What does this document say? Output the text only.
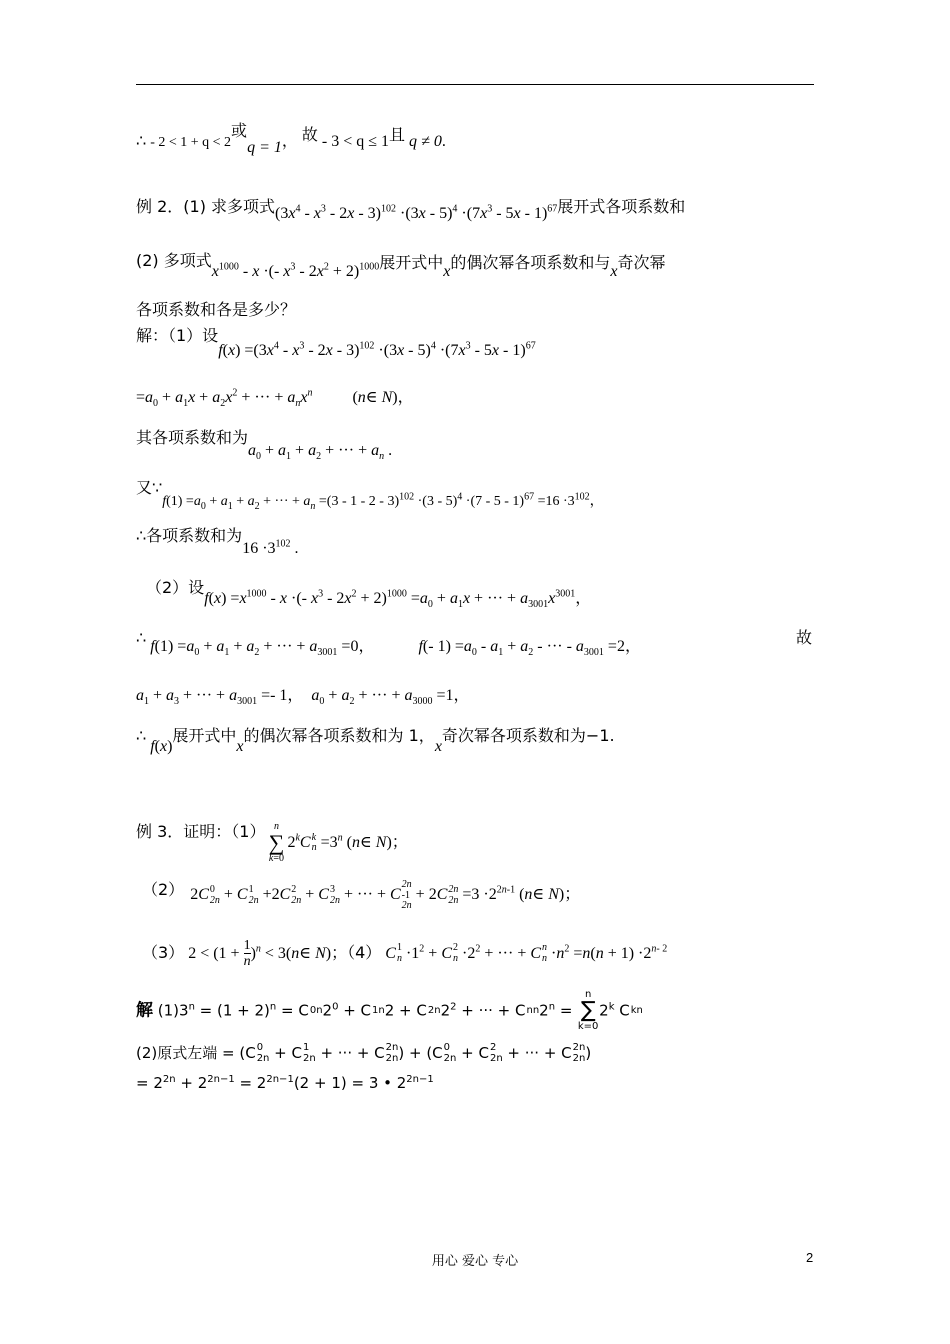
∴ - 2 < 1 + q < 2或q = 1， 故 - 3 < q ≤ 1且 q ≠ 0.
例 2．(1) 求多项式$(3x^4 - x^3 - 2x - 3)^{102} \cdot(3x - 5)^4 \cdot(7x^3 - 5x - 1)^{67}$展开式各项系数和
(2) 多项式$x^{1000}$ - x ·(- $x^3 - 2x^2 + 2)^{1000}$展开式中x的偶次幂各项系数和与x奇次幂
各项系数和各是多少？
解：（1）设$f(x) =(3x^4 - x^3 - 2x - 3)^{102} \cdot(3x - 5)^4 \cdot(7x^3 - 5x - 1)^{67}$
$=a_0 + a_1x + a_2x^2$ + ··· + $a_nx^n$          (n∈ N)，
其各项系数和为$a_0 + a_1 + a_2$ + ··· + $a_n$ .
又∵f(1) $=a_0 + a_1 + a_2$ + ··· + $a_n =(3 - 1 - 2 - 3)^{102} \cdot(3 - 5)^4 \cdot(7 - 5 - 1)^{67} =16 \cdot 3^{102}$，
∴各项系数和为$16 \cdot 3^{102}$ .
（2）设$f(x) =x^{1000} - x$ ·(- $x^3 - 2x^2 + 2)^{1000} =a_0 + a_1x$ + ··· + $a_{3001}x^{3001}$，
∴ $f(1) =a_0 + a_1 + a_2$ + ··· + $a_{3001} =0$，           f(- $1) =a_0 - a_1 + a_2$ - ··· - $a_{3001} =2$，	故
$a_1 + a_3$ + ··· + $a_{3001} =- 1$，  $a_0 + a_2$ + ··· + $a_{3000} =1$，
∴ f(x)展开式中x的偶次幂各项系数和为 1，x奇次幂各项系数和为−1.
例 3．证明：（1） n
∑
k=0
2$^k$C k
$n =3^n$ (n∈ N)；
（2） 2C0
2n + C1
2n +2C2
2n + C3
2n + ··· + C
2n
-1
2n
+ 2C 2n
$2n =3 \cdot 2^{2n-1}$ (n∈ N)；
（3） $2 < (1 + \frac{1}{n} )^n$ < 3(n∈ N)；（4） C1
$n \cdot 1^2 + C2$
$n \cdot 2^2$ + ··· + C n
$n \cdot n^2 =n(n + 1) \cdot 2^{n- 2}$
解 $(1)3^n = (1 + 2)^n = C0n2^0 + C1n2 + C2n2^2$ + ··· + $Cnn2^n$ =
n
∑
k=0
2$^k$ Ckn
(2)原式左端 = (C0
2n + C1
2n + ··· + C2n
2n ) + (C0
2n + C2
2n + ··· + C2n
2n )
= $2^{2n} + 2^{2n-1} = 2^{2n-1}(2 + 1) = 3$ • $2^{2n-1}$
用心 爱心 专心	2
